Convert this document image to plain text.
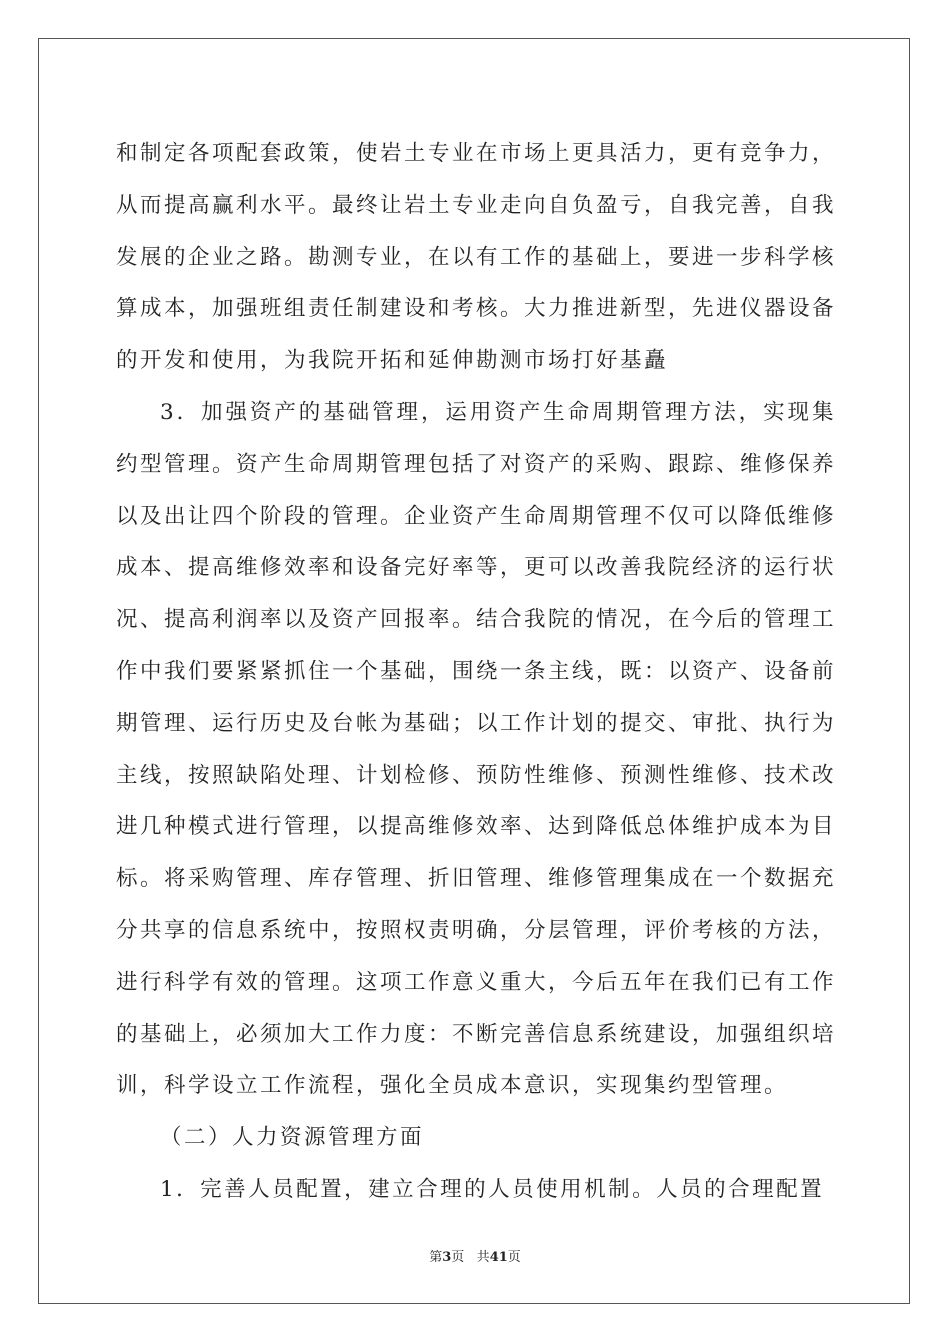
和制定各项配套政策，使岩土专业在市场上更具活力，更有竞争力，从而提高赢利水平。最终让岩土专业走向自负盈亏，自我完善，自我发展的企业之路。勘测专业，在以有工作的基础上，要进一步科学核算成本，加强班组责任制建设和考核。大力推进新型，先进仪器设备的开发和使用，为我院开拓和延伸勘测市场打好基矗

3．加强资产的基础管理，运用资产生命周期管理方法，实现集约型管理。资产生命周期管理包括了对资产的采购、跟踪、维修保养以及出让四个阶段的管理。企业资产生命周期管理不仅可以降低维修成本、提高维修效率和设备完好率等，更可以改善我院经济的运行状况、提高利润率以及资产回报率。结合我院的情况，在今后的管理工作中我们要紧紧抓住一个基础，围绕一条主线，既：以资产、设备前期管理、运行历史及台帐为基础；以工作计划的提交、审批、执行为主线，按照缺陷处理、计划检修、预防性维修、预测性维修、技术改进几种模式进行管理，以提高维修效率、达到降低总体维护成本为目标。将采购管理、库存管理、折旧管理、维修管理集成在一个数据充分共享的信息系统中，按照权责明确，分层管理，评价考核的方法，进行科学有效的管理。这项工作意义重大，今后五年在我们已有工作的基础上，必须加大工作力度：不断完善信息系统建设，加强组织培训，科学设立工作流程，强化全员成本意识，实现集约型管理。

（二）人力资源管理方面

1．完善人员配置，建立合理的人员使用机制。人员的合理配置

第3页 共41页
